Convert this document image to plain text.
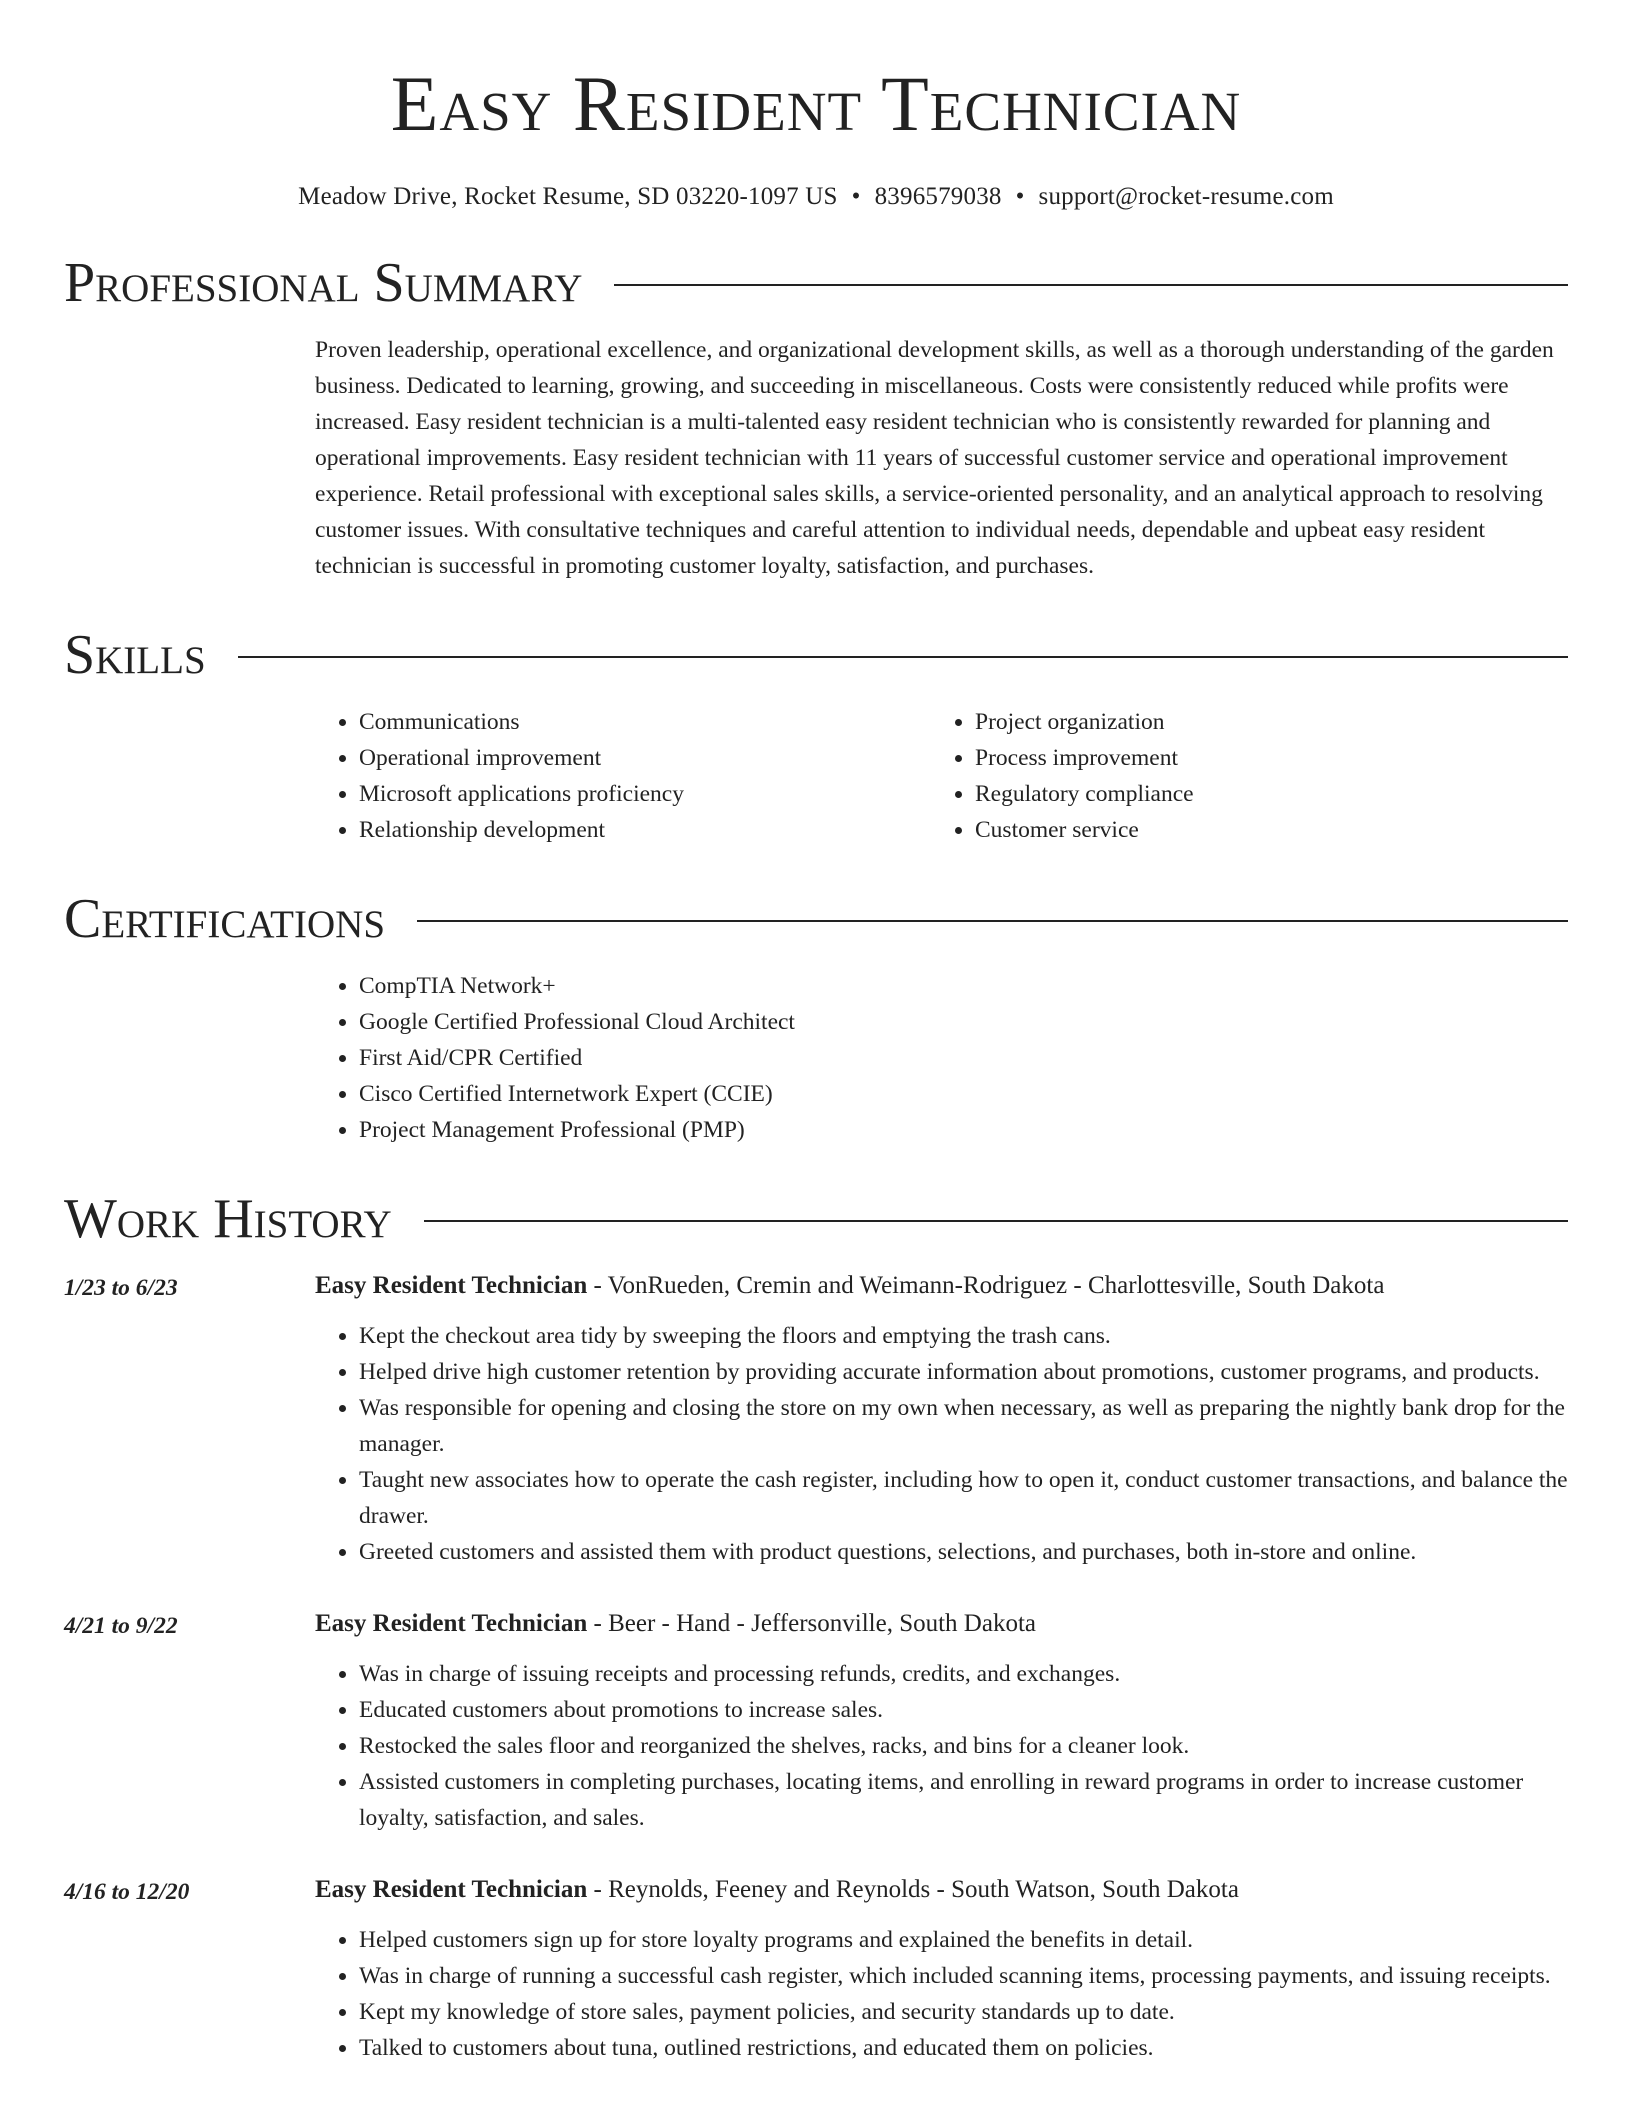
Easy Resident Technician
Meadow Drive, Rocket Resume, SD 03220-1097 US • 8396579038 • support@rocket-resume.com
Professional Summary
Proven leadership, operational excellence, and organizational development skills, as well as a thorough understanding of the garden business. Dedicated to learning, growing, and succeeding in miscellaneous. Costs were consistently reduced while profits were increased. Easy resident technician is a multi-talented easy resident technician who is consistently rewarded for planning and operational improvements. Easy resident technician with 11 years of successful customer service and operational improvement experience. Retail professional with exceptional sales skills, a service-oriented personality, and an analytical approach to resolving customer issues. With consultative techniques and careful attention to individual needs, dependable and upbeat easy resident technician is successful in promoting customer loyalty, satisfaction, and purchases.
Skills
• Communications
• Operational improvement
• Microsoft applications proficiency
• Relationship development
• Project organization
• Process improvement
• Regulatory compliance
• Customer service
Certifications
• CompTIA Network+
• Google Certified Professional Cloud Architect
• First Aid/CPR Certified
• Cisco Certified Internetwork Expert (CCIE)
• Project Management Professional (PMP)
Work History
1/23 to 6/23	Easy Resident Technician - VonRueden, Cremin and Weimann-Rodriguez - Charlottesville, South Dakota
• Kept the checkout area tidy by sweeping the floors and emptying the trash cans.
• Helped drive high customer retention by providing accurate information about promotions, customer programs, and products.
• Was responsible for opening and closing the store on my own when necessary, as well as preparing the nightly bank drop for the manager.
• Taught new associates how to operate the cash register, including how to open it, conduct customer transactions, and balance the drawer.
• Greeted customers and assisted them with product questions, selections, and purchases, both in-store and online.
4/21 to 9/22	Easy Resident Technician - Beer - Hand - Jeffersonville, South Dakota
• Was in charge of issuing receipts and processing refunds, credits, and exchanges.
• Educated customers about promotions to increase sales.
• Restocked the sales floor and reorganized the shelves, racks, and bins for a cleaner look.
• Assisted customers in completing purchases, locating items, and enrolling in reward programs in order to increase customer loyalty, satisfaction, and sales.
4/16 to 12/20	Easy Resident Technician - Reynolds, Feeney and Reynolds - South Watson, South Dakota
• Helped customers sign up for store loyalty programs and explained the benefits in detail.
• Was in charge of running a successful cash register, which included scanning items, processing payments, and issuing receipts.
• Kept my knowledge of store sales, payment policies, and security standards up to date.
• Talked to customers about tuna, outlined restrictions, and educated them on policies.
